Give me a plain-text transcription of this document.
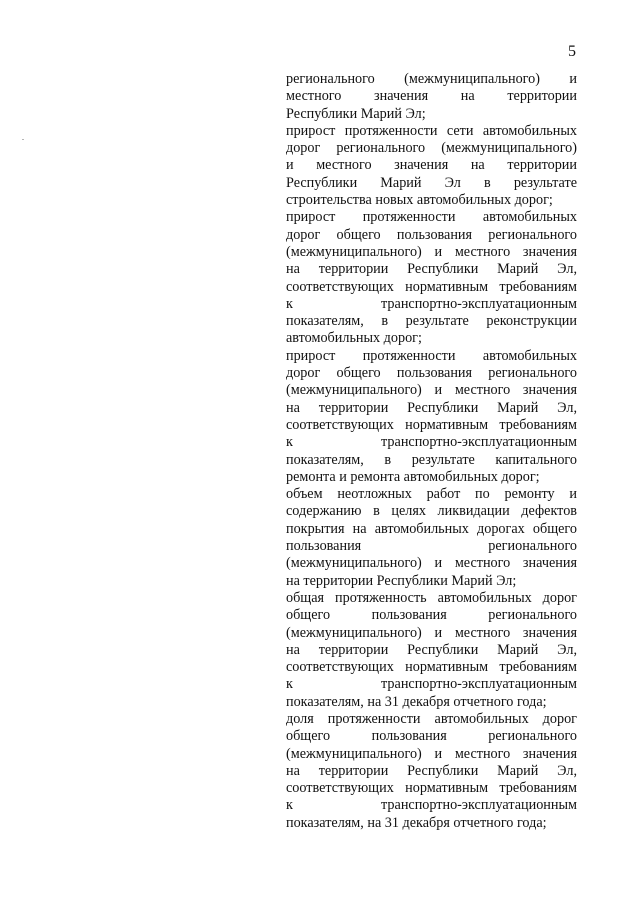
5

регионального (межмуниципального) и
местного значения на территории
Республики Марий Эл;

прирост протяженности сети автомобильных
дорог регионального (межмуниципального)
и местного значения на территории
Республики Марий Эл в результате
строительства новых автомобильных дорог;

прирост протяженности автомобильных
дорог общего пользования регионального
(межмуниципального) и местного значения
на территории Республики Марий Эл,
соответствующих нормативным требованиям
к транспортно-эксплуатационным
показателям, в результате реконструкции
автомобильных дорог;

прирост протяженности автомобильных
дорог общего пользования регионального
(межмуниципального) и местного значения
на территории Республики Марий Эл,
соответствующих нормативным требованиям
к транспортно-эксплуатационным
показателям, в результате капитального
ремонта и ремонта автомобильных дорог;

объем неотложных работ по ремонту и
содержанию в целях ликвидации дефектов
покрытия на автомобильных дорогах общего
пользования регионального
(межмуниципального) и местного значения
на территории Республики Марий Эл;

общая протяженность автомобильных дорог
общего пользования регионального
(межмуниципального) и местного значения
на территории Республики Марий Эл,
соответствующих нормативным требованиям
к транспортно-эксплуатационным
показателям, на 31 декабря отчетного года;

доля протяженности автомобильных дорог
общего пользования регионального
(межмуниципального) и местного значения
на территории Республики Марий Эл,
соответствующих нормативным требованиям
к транспортно-эксплуатационным
показателям, на 31 декабря отчетного года;
